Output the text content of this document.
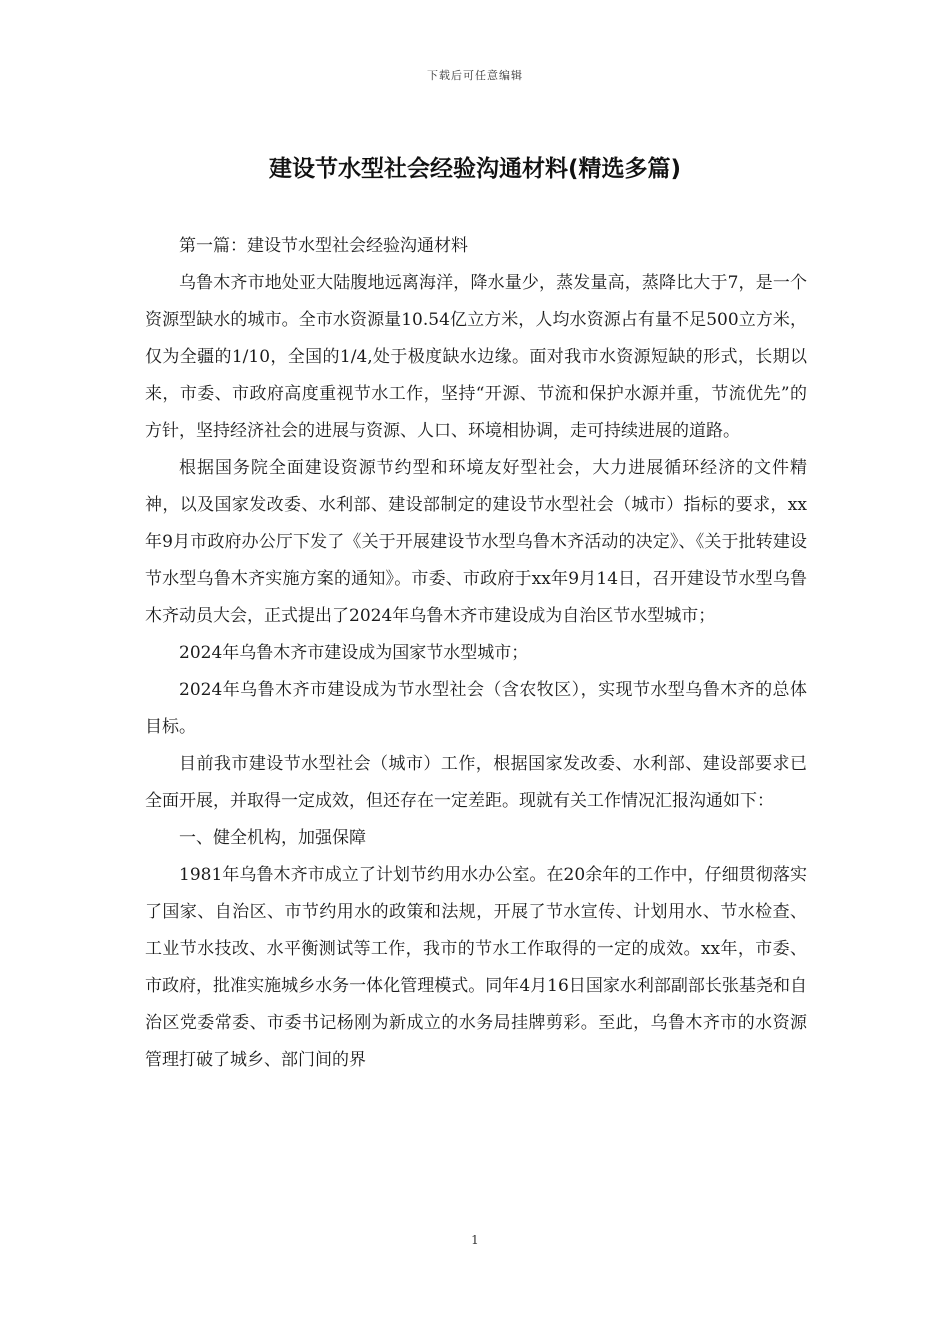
下载后可任意编辑
建设节水型社会经验沟通材料(精选多篇)

第一篇：建设节水型社会经验沟通材料

乌鲁木齐市地处亚大陆腹地远离海洋，降水量少，蒸发量高，蒸降比大于7，是一个资源型缺水的城市。全市水资源量10.54亿立方米，人均水资源占有量不足500立方米，仅为全疆的1/10，全国的1/4,处于极度缺水边缘。面对我市水资源短缺的形式，长期以来，市委、市政府高度重视节水工作，坚持“开源、节流和保护水源并重，节流优先”的方针，坚持经济社会的进展与资源、人口、环境相协调，走可持续进展的道路。

根据国务院全面建设资源节约型和环境友好型社会，大力进展循环经济的文件精神，以及国家发改委、水利部、建设部制定的建设节水型社会（城市）指标的要求，xx年9月市政府办公厅下发了《关于开展建设节水型乌鲁木齐活动的决定》、《关于批转建设节水型乌鲁木齐实施方案的通知》。市委、市政府于xx年9月14日，召开建设节水型乌鲁木齐动员大会，正式提出了2024年乌鲁木齐市建设成为自治区节水型城市；

2024年乌鲁木齐市建设成为国家节水型城市；

2024年乌鲁木齐市建设成为节水型社会（含农牧区），实现节水型乌鲁木齐的总体目标。

目前我市建设节水型社会（城市）工作，根据国家发改委、水利部、建设部要求已全面开展，并取得一定成效，但还存在一定差距。现就有关工作情况汇报沟通如下：

一、健全机构，加强保障

1981年乌鲁木齐市成立了计划节约用水办公室。在20余年的工作中，仔细贯彻落实了国家、自治区、市节约用水的政策和法规，开展了节水宣传、计划用水、节水检查、工业节水技改、水平衡测试等工作，我市的节水工作取得的一定的成效。xx年，市委、市政府，批准实施城乡水务一体化管理模式。同年4月16日国家水利部副部长张基尧和自治区党委常委、市委书记杨刚为新成立的水务局挂牌剪彩。至此，乌鲁木齐市的水资源管理打破了城乡、部门间的界

1
